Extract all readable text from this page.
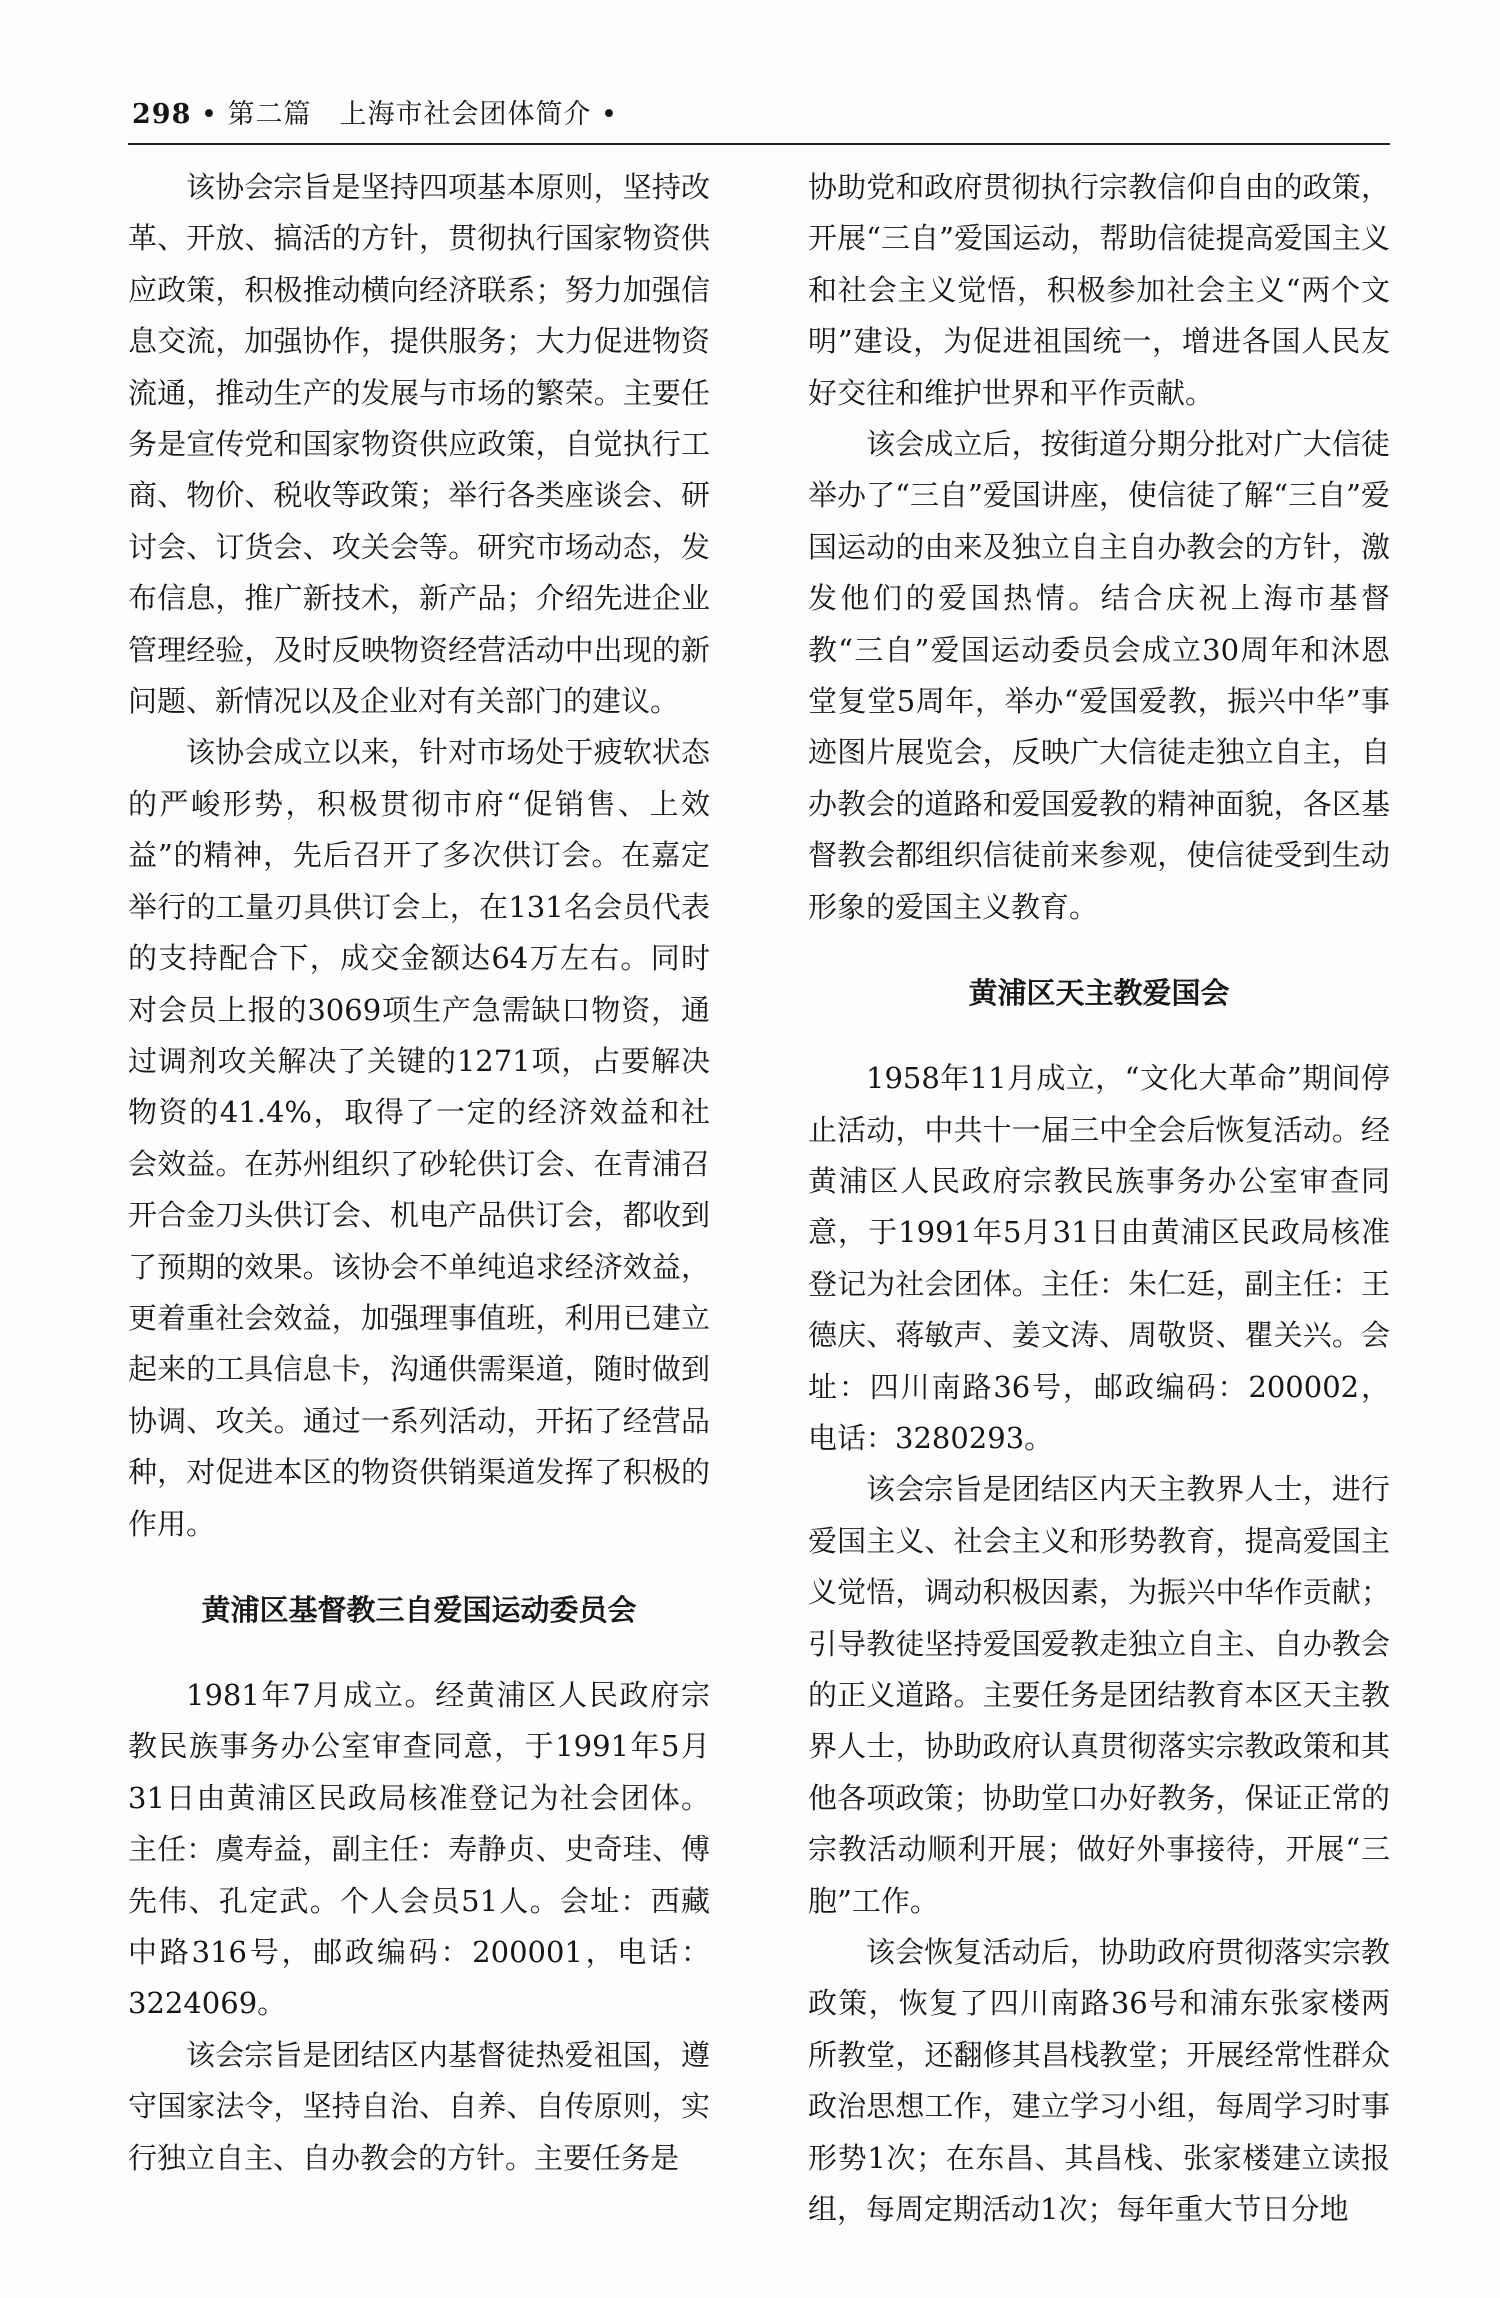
298 • 第二篇　上海市社会团体简介 •

该协会宗旨是坚持四项基本原则，坚持改革、开放、搞活的方针，贯彻执行国家物资供应政策，积极推动横向经济联系；努力加强信息交流，加强协作，提供服务；大力促进物资流通，推动生产的发展与市场的繁荣。主要任务是宣传党和国家物资供应政策，自觉执行工商、物价、税收等政策；举行各类座谈会、研讨会、订货会、攻关会等。研究市场动态，发布信息，推广新技术，新产品；介绍先进企业管理经验，及时反映物资经营活动中出现的新问题、新情况以及企业对有关部门的建议。

该协会成立以来，针对市场处于疲软状态的严峻形势，积极贯彻市府“促销售、上效益”的精神，先后召开了多次供订会。在嘉定举行的工量刃具供订会上，在131名会员代表的支持配合下，成交金额达64万左右。同时对会员上报的3069项生产急需缺口物资，通过调剂攻关解决了关键的1271项，占要解决物资的41.4%，取得了一定的经济效益和社会效益。在苏州组织了砂轮供订会、在青浦召开合金刀头供订会、机电产品供订会，都收到了预期的效果。该协会不单纯追求经济效益，更着重社会效益，加强理事值班，利用已建立起来的工具信息卡，沟通供需渠道，随时做到协调、攻关。通过一系列活动，开拓了经营品种，对促进本区的物资供销渠道发挥了积极的作用。

黄浦区基督教三自爱国运动委员会

1981年7月成立。经黄浦区人民政府宗教民族事务办公室审查同意，于1991年5月31日由黄浦区民政局核准登记为社会团体。主任：虞寿益，副主任：寿静贞、史奇珪、傅先伟、孔定武。个人会员51人。会址：西藏中路316号，邮政编码：200001，电话：3224069。

该会宗旨是团结区内基督徒热爱祖国，遵守国家法令，坚持自治、自养、自传原则，实行独立自主、自办教会的方针。主要任务是

协助党和政府贯彻执行宗教信仰自由的政策，开展“三自”爱国运动，帮助信徒提高爱国主义和社会主义觉悟，积极参加社会主义“两个文明”建设，为促进祖国统一，增进各国人民友好交往和维护世界和平作贡献。

该会成立后，按街道分期分批对广大信徒举办了“三自”爱国讲座，使信徒了解“三自”爱国运动的由来及独立自主自办教会的方针，激发他们的爱国热情。结合庆祝上海市基督教“三自”爱国运动委员会成立30周年和沐恩堂复堂5周年，举办“爱国爱教，振兴中华”事迹图片展览会，反映广大信徒走独立自主，自办教会的道路和爱国爱教的精神面貌，各区基督教会都组织信徒前来参观，使信徒受到生动形象的爱国主义教育。

黄浦区天主教爱国会

1958年11月成立，“文化大革命”期间停止活动，中共十一届三中全会后恢复活动。经黄浦区人民政府宗教民族事务办公室审查同意，于1991年5月31日由黄浦区民政局核准登记为社会团体。主任：朱仁廷，副主任：王德庆、蒋敏声、姜文涛、周敬贤、瞿关兴。会址：四川南路36号，邮政编码：200002，电话：3280293。

该会宗旨是团结区内天主教界人士，进行爱国主义、社会主义和形势教育，提高爱国主义觉悟，调动积极因素，为振兴中华作贡献；引导教徒坚持爱国爱教走独立自主、自办教会的正义道路。主要任务是团结教育本区天主教界人士，协助政府认真贯彻落实宗教政策和其他各项政策；协助堂口办好教务，保证正常的宗教活动顺利开展；做好外事接待，开展“三胞”工作。

该会恢复活动后，协助政府贯彻落实宗教政策，恢复了四川南路36号和浦东张家楼两所教堂，还翻修其昌栈教堂；开展经常性群众政治思想工作，建立学习小组，每周学习时事形势1次；在东昌、其昌栈、张家楼建立读报组，每周定期活动1次；每年重大节日分地
